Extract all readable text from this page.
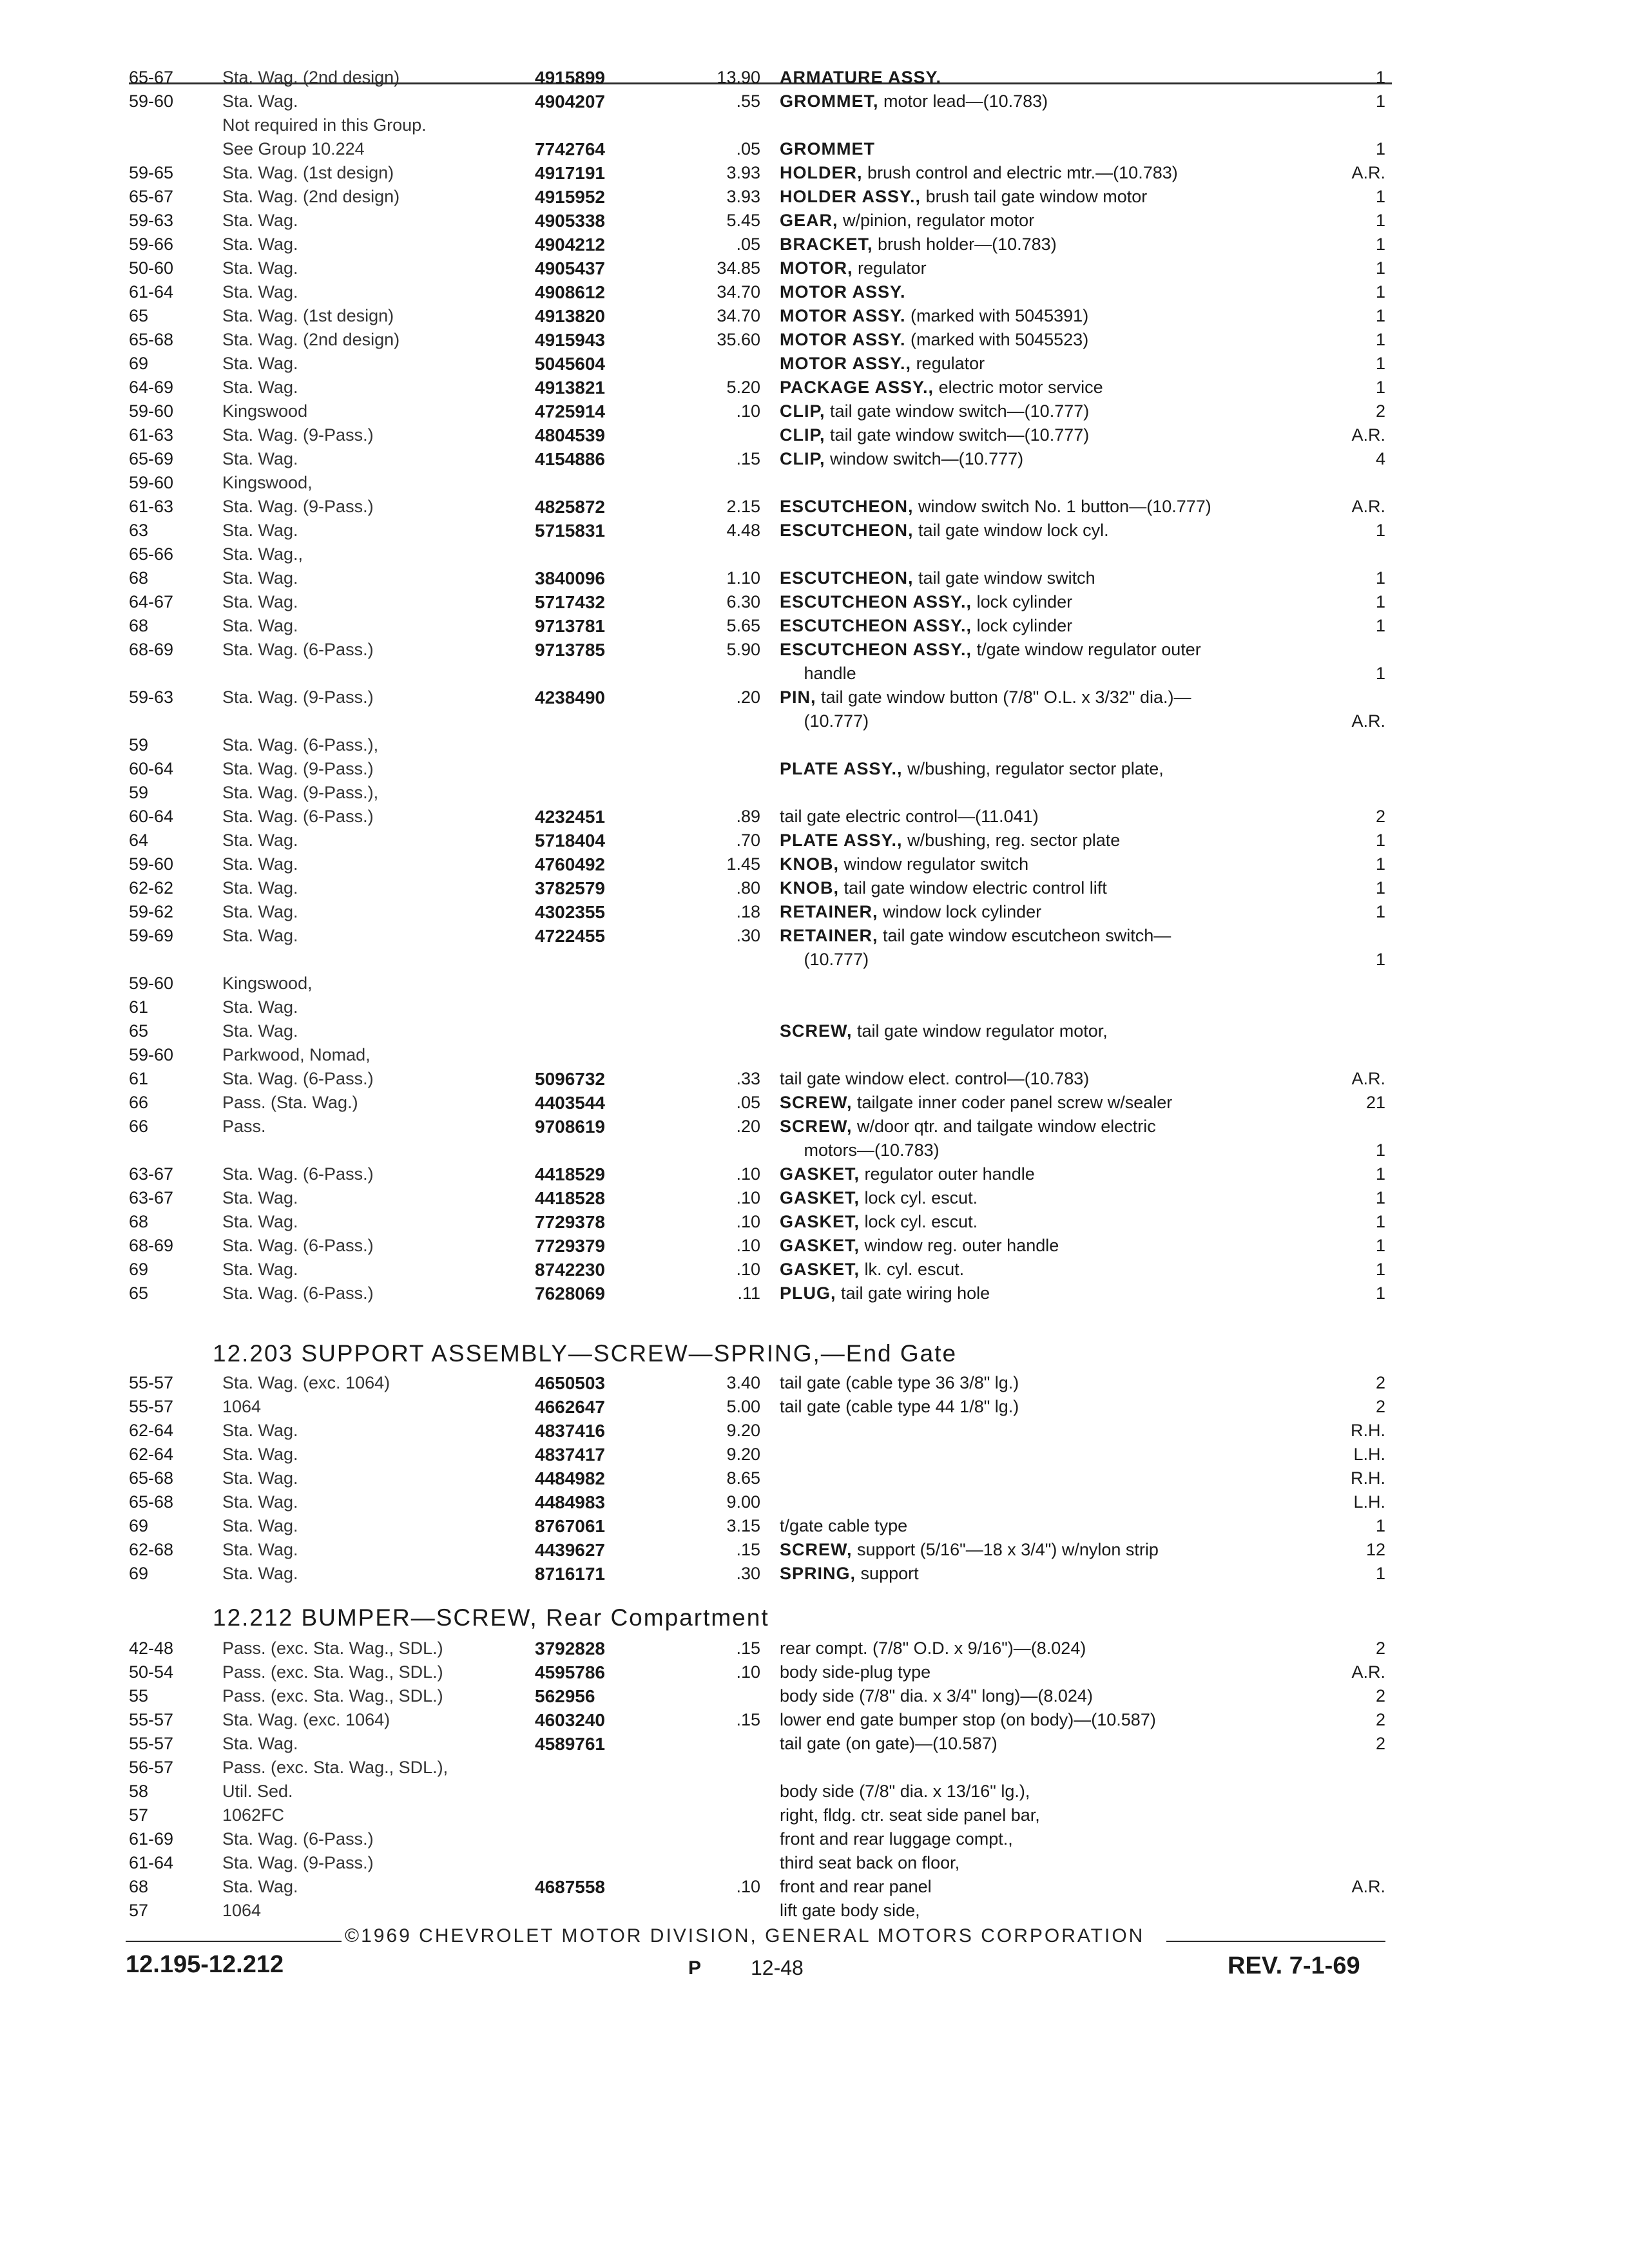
65-67	Sta. Wag. (2nd design)	4915899	13.90 ARMATURE ASSY.	1
59-60	Sta. Wag.	4904207	.55 GROMMET, motor lead—(10.783)	1
Not required in this Group.
See Group 10.224	7742764	.05 GROMMET	1
59-65	Sta. Wag. (1st design)	4917191	3.93 HOLDER, brush control and electric mtr.—(10.783)	A.R.
65-67	Sta. Wag. (2nd design)	4915952	3.93 HOLDER ASSY., brush tail gate window motor	1
59-63	Sta. Wag.	4905338	5.45 GEAR, w/pinion, regulator motor	1
59-66	Sta. Wag.	4904212	.05 BRACKET, brush holder—(10.783)	1
50-60	Sta. Wag.	4905437	34.85 MOTOR, regulator	1
61-64	Sta. Wag.	4908612	34.70 MOTOR ASSY.	1
65	Sta. Wag. (1st design)	4913820	34.70 MOTOR ASSY. (marked with 5045391)	1
65-68	Sta. Wag. (2nd design)	4915943	35.60 MOTOR ASSY. (marked with 5045523)	1
69	Sta. Wag.	5045604	MOTOR ASSY., regulator	1
64-69	Sta. Wag.	4913821	5.20 PACKAGE ASSY., electric motor service	1
59-60	Kingswood	4725914	.10 CLIP, tail gate window switch—(10.777)	2
61-63	Sta. Wag. (9-Pass.)	4804539	CLIP, tail gate window switch—(10.777)	A.R.
65-69	Sta. Wag.	4154886	.15 CLIP, window switch—(10.777)	4
59-60	Kingswood,
61-63	Sta. Wag. (9-Pass.)	4825872	2.15 ESCUTCHEON, window switch No. 1 button—(10.777)	A.R.
63	Sta. Wag.	5715831	4.48 ESCUTCHEON, tail gate window lock cyl.	1
65-66	Sta. Wag.,
68	Sta. Wag.	3840096	1.10 ESCUTCHEON, tail gate window switch	1
64-67	Sta. Wag.	5717432	6.30 ESCUTCHEON ASSY., lock cylinder	1
68	Sta. Wag.	9713781	5.65 ESCUTCHEON ASSY., lock cylinder	1
68-69	Sta. Wag. (6-Pass.)	9713785	5.90 ESCUTCHEON ASSY., t/gate window regulator outer
handle	1
59-63	Sta. Wag. (9-Pass.)	4238490	.20 PIN, tail gate window button (7/8" O.L. x 3/32" dia.)—
(10.777)	A.R.
59	Sta. Wag. (6-Pass.),
60-64	Sta. Wag. (9-Pass.)	PLATE ASSY., w/bushing, regulator sector plate,
59	Sta. Wag. (9-Pass.),
60-64	Sta. Wag. (6-Pass.)	4232451	.89 tail gate electric control—(11.041)	2
64	Sta. Wag.	5718404	.70 PLATE ASSY., w/bushing, reg. sector plate	1
59-60	Sta. Wag.	4760492	1.45 KNOB, window regulator switch	1
62-62	Sta. Wag.	3782579	.80 KNOB, tail gate window electric control lift	1
59-62	Sta. Wag.	4302355	.18 RETAINER, window lock cylinder	1
59-69	Sta. Wag.	4722455	.30 RETAINER, tail gate window escutcheon switch—
(10.777)	1
59-60	Kingswood,
61	Sta. Wag.
65	Sta. Wag.	SCREW, tail gate window regulator motor,
59-60	Parkwood, Nomad,
61	Sta. Wag. (6-Pass.)	5096732	.33 tail gate window elect. control—(10.783)	A.R.
66	Pass. (Sta. Wag.)	4403544	.05 SCREW, tailgate inner coder panel screw w/sealer	21
66	Pass.	9708619	.20 SCREW, w/door qtr. and tailgate window electric
motors—(10.783)	1
63-67	Sta. Wag. (6-Pass.)	4418529	.10 GASKET, regulator outer handle	1
63-67	Sta. Wag.	4418528	.10 GASKET, lock cyl. escut.	1
68	Sta. Wag.	7729378	.10 GASKET, lock cyl. escut.	1
68-69	Sta. Wag. (6-Pass.)	7729379	.10 GASKET, window reg. outer handle	1
69	Sta. Wag.	8742230	.10 GASKET, lk. cyl. escut.	1
65	Sta. Wag. (6-Pass.)	7628069	.11 PLUG, tail gate wiring hole	1
12.203 SUPPORT ASSEMBLY—SCREW—SPRING,—End Gate
55-57	Sta. Wag. (exc. 1064)	4650503	3.40 tail gate (cable type 36 3/8" lg.)	2
55-57	1064	4662647	5.00 tail gate (cable type 44 1/8" lg.)	2
62-64	Sta. Wag.	4837416	9.20	R.H.
62-64	Sta. Wag.	4837417	9.20	L.H.
65-68	Sta. Wag.	4484982	8.65	R.H.
65-68	Sta. Wag.	4484983	9.00	L.H.
69	Sta. Wag.	8767061	3.15 t/gate cable type	1
62-68	Sta. Wag.	4439627	.15 SCREW, support (5/16"—18 x 3/4") w/nylon strip	12
69	Sta. Wag.	8716171	.30 SPRING, support	1
12.212 BUMPER—SCREW, Rear Compartment
42-48	Pass. (exc. Sta. Wag., SDL.)	3792828	.15 rear compt. (7/8" O.D. x 9/16")—(8.024)	2
50-54	Pass. (exc. Sta. Wag., SDL.)	4595786	.10 body side-plug type	A.R.
55	Pass. (exc. Sta. Wag., SDL.)	562956	body side (7/8" dia. x 3/4" long)—(8.024)	2
55-57	Sta. Wag. (exc. 1064)	4603240	.15 lower end gate bumper stop (on body)—(10.587)	2
55-57	Sta. Wag.	4589761	tail gate (on gate)—(10.587)	2
56-57	Pass. (exc. Sta. Wag., SDL.),
58	Util. Sed.	body side (7/8" dia. x 13/16" lg.),
57	1062FC	right, fldg. ctr. seat side panel bar,
61-69	Sta. Wag. (6-Pass.)	front and rear luggage compt.,
61-64	Sta. Wag. (9-Pass.)	third seat back on floor,
68	Sta. Wag.	4687558	.10 front and rear panel	A.R.
57	1064	lift gate body side,
©1969 CHEVROLET MOTOR DIVISION, GENERAL MOTORS CORPORATION
12.195-12.212	P 12-48	REV. 7-1-69
